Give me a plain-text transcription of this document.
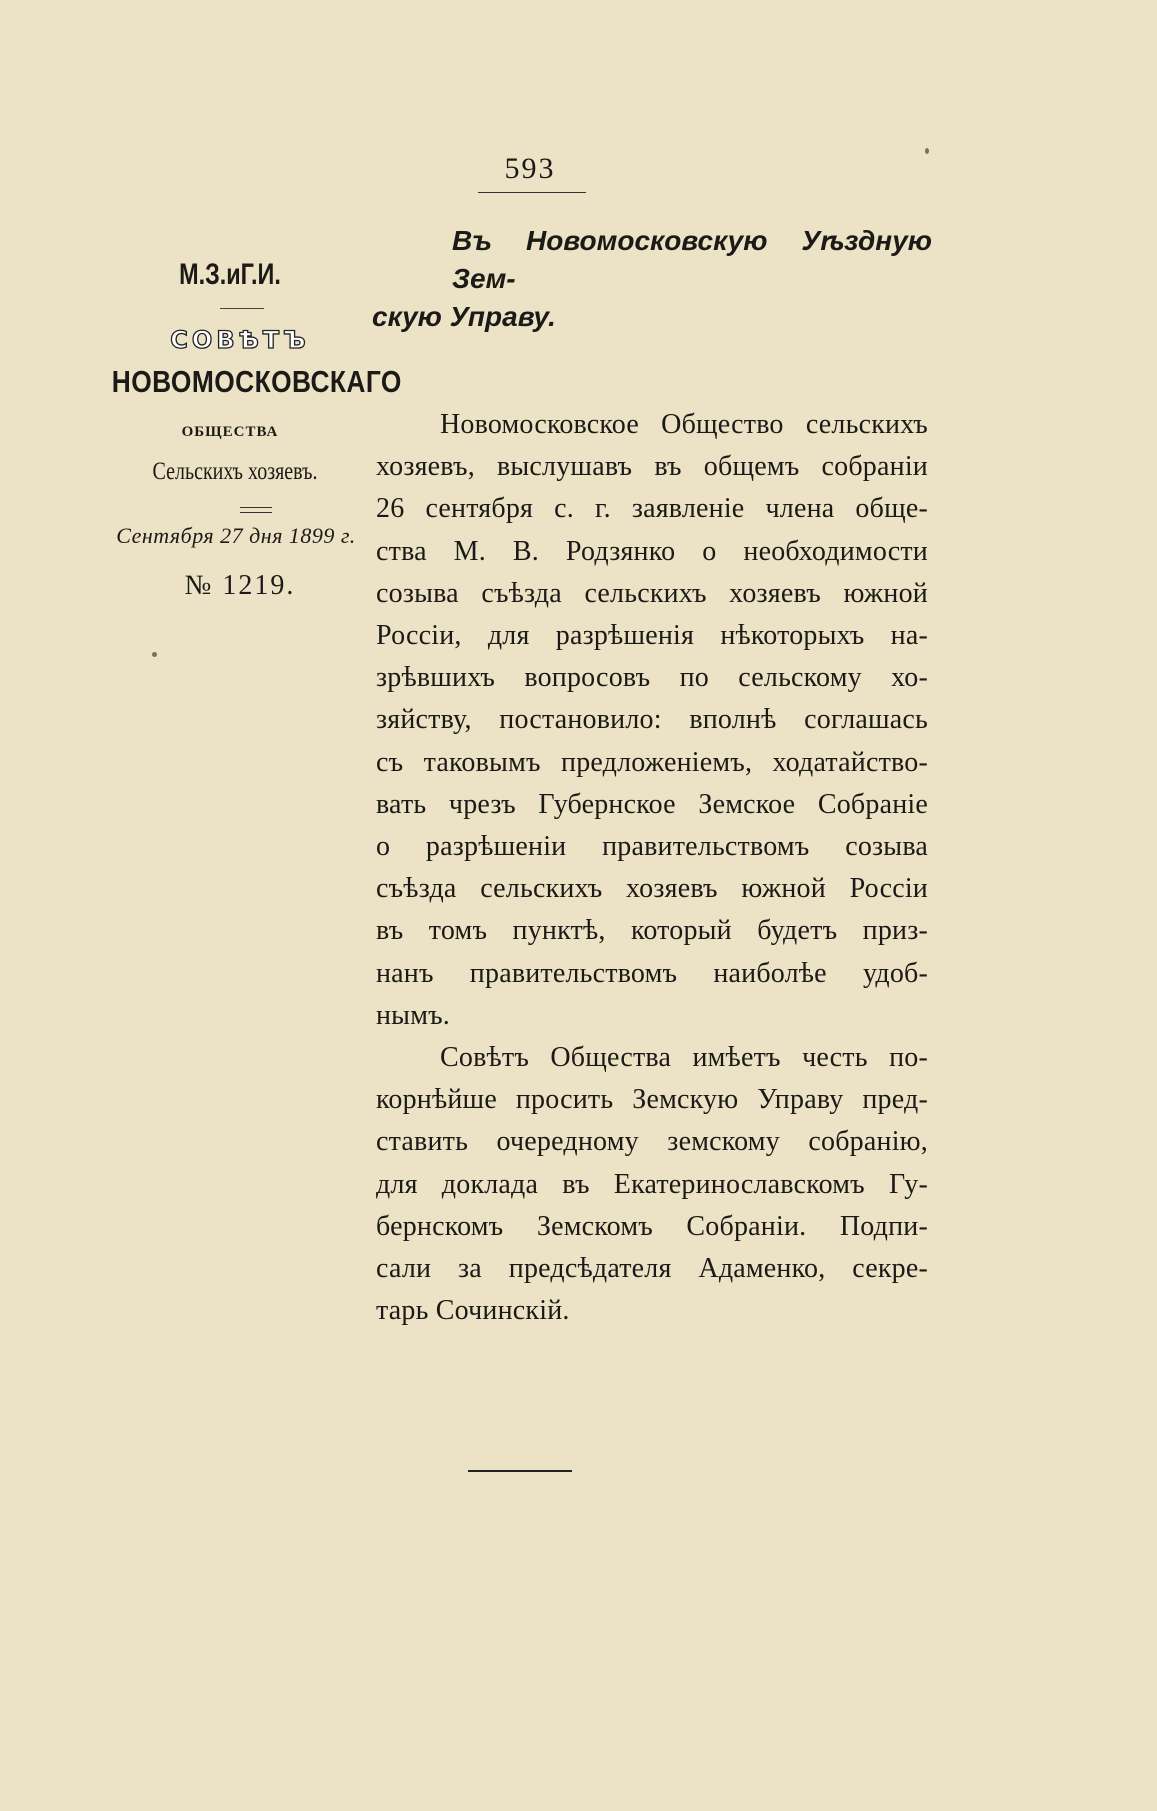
593
Въ Новомосковскую Уѣздную Зем-
скую Управу.
М.З.иГ.И.
СОВѢТЪ
НОВОМОСКОВСКАГО
ОБЩЕСТВА
Сельскихъ хозяевъ.
Сентября 27 дня 1899 г.
№ 1219.
Новомосковское Общество сельскихъ
хозяевъ, выслушавъ въ общемъ собраніи
26 сентября с. г. заявленіе члена обще-
ства М. В. Родзянко о необходимости
созыва съѣзда сельскихъ хозяевъ южной
Россіи, для разрѣшенія нѣкоторыхъ на-
зрѣвшихъ вопросовъ по сельскому хо-
зяйству, постановило: вполнѣ соглашась
съ таковымъ предложеніемъ, ходатайство-
вать чрезъ Губернское Земское Собраніе
о разрѣшеніи правительствомъ созыва
съѣзда сельскихъ хозяевъ южной Россіи
въ томъ пунктѣ, который будетъ приз-
нанъ правительствомъ наиболѣе удоб-
нымъ.
Совѣтъ Общества имѣетъ честь по-
корнѣйше просить Земскую Управу пред-
ставить очередному земскому собранію,
для доклада въ Екатеринославскомъ Гу-
бернскомъ Земскомъ Собраніи. Подпи-
сали за предсѣдателя Адаменко, секре-
тарь Сочинскій.
